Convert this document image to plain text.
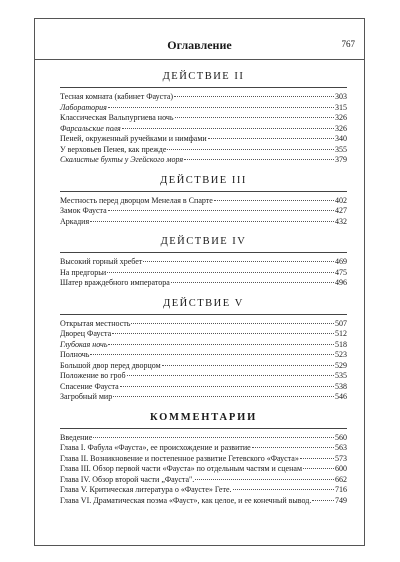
Оглавление	767
ДЕЙСТВИЕ II
Тесная комната (кабинет Фауста)	303
Лаборатория	315
Классическая Вальпургиева ночь	326
Фарсальские поля	326
Пеней, окруженный ручейками и нимфами	340
У верховьев Пенея, как прежде	355
Скалистые бухты у Эгейского моря	379
ДЕЙСТВИЕ III
Местность перед дворцом Менелая в Спарте	402
Замок Фауста	427
Аркадия	432
ДЕЙСТВИЕ IV
Высокий горный хребет	469
На предгорьи	475
Шатер враждебного императора	496
ДЕЙСТВИЕ V
Открытая местность	507
Дворец Фауста	512
Глубокая ночь	518
Полночь	523
Большой двор перед дворцом	529
Положение во гроб	535
Спасение Фауста	538
Загробный мир	546
КОММЕНТАРИИ
Введение	560
Глава I. Фабула «Фауста», ее происхождение и развитие	563
Глава II. Возникновение и постепенное развитие Гетевского «Фауста»	573
Глава III. Обзор первой части «Фауста» по отдельным частям и сценам	600
Глава IV. Обзор второй части „Фауста".	662
Глава V. Критическая литература о «Фаусте» Гете.	716
Глава VI. Драматическая поэма «Фауст», как целое, и ее конечный вывод.	749
